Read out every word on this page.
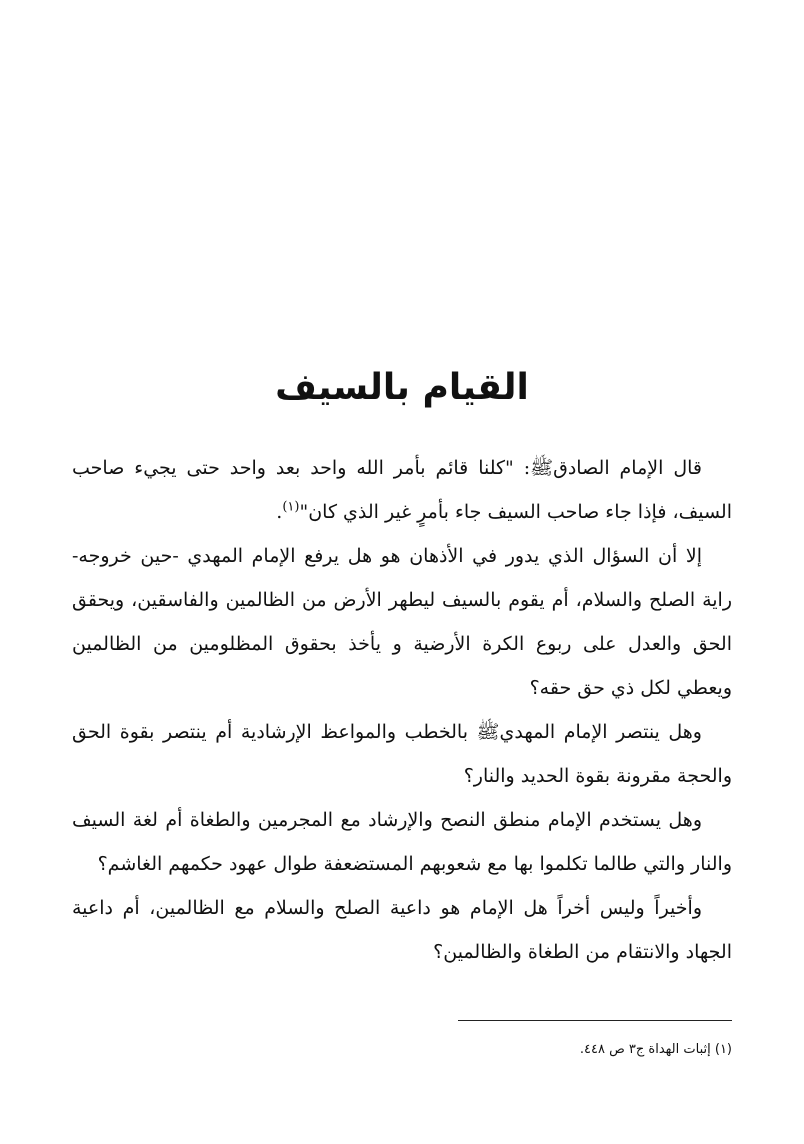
القيام بالسيف

قال الإمام الصادق‏ﷺ: "كلنا قائم بأمر الله واحد بعد واحد حتى يجيء صاحب السيف، فإذا جاء صاحب السيف جاء بأمرٍ غير الذي كان"$^{(١)}$.

إلا أن السؤال الذي يدور في الأذهان هو هل يرفع الإمام المهدي -حين خروجه- راية الصلح والسلام، أم يقوم بالسيف ليطهر الأرض من الظالمين والفاسقين، ويحقق الحق والعدل على ربوع الكرة الأرضية و يأخذ بحقوق المظلومين من الظالمين ويعطي لكل ذي حق حقه؟

وهل ينتصر الإمام المهدي‏ﷺ بالخطب والمواعظ الإرشادية أم ينتصر بقوة الحق والحجة مقرونة بقوة الحديد والنار؟

وهل يستخدم الإمام منطق النصح والإرشاد مع المجرمين والطغاة أم لغة السيف والنار والتي طالما تكلموا بها مع شعوبهم المستضعفة طوال عهود حكمهم الغاشم؟

وأخيراً وليس أخراً هل الإمام هو داعية الصلح والسلام مع الظالمين، أم داعية الجهاد والانتقام من الطغاة والظالمين؟

(١) إثبات الهداة ج٣ ص ٤٤٨.
